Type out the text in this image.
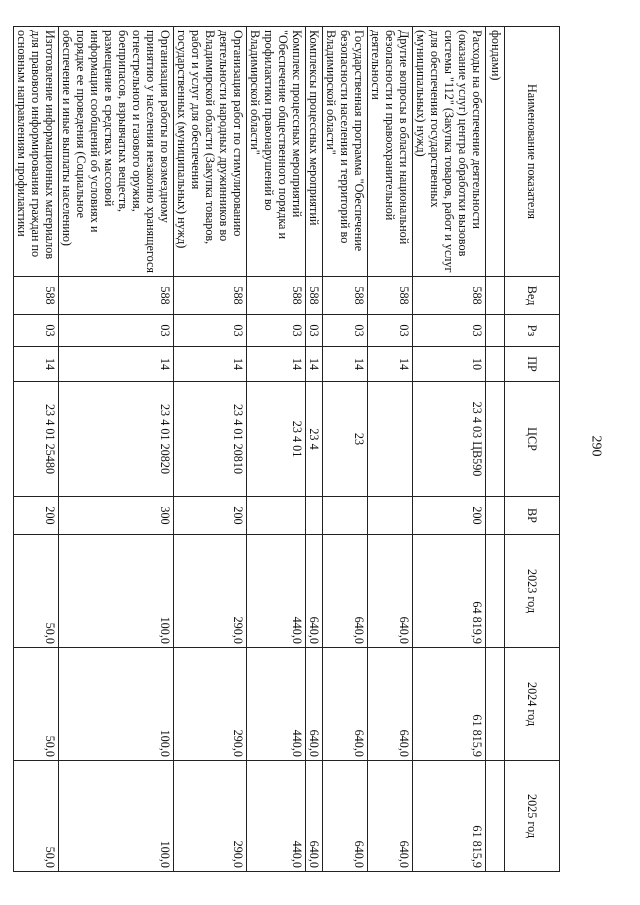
290
Наименование показателя	Вед	Рз	ПР	ЦСР	ВР	2023 год	2024 год	2025 год
фондами)								
Расходы на обеспечение деятельности (оказание услуг) центра обработки вызовов системы "112" (Закупка товаров, работ и услуг для обеспечения государственных (муниципальных) нужд)	588	03	10	23 4 03 ЦВ590	200	64 819,9	61 815,9	61 815,9
Другие вопросы в области национальной безопасности и правоохранительной деятельности	588	03	14			640,0	640,0	640,0
Государственная программа "Обеспечение безопасности населения и территорий во Владимирской области"	588	03	14	23		640,0	640,0	640,0
Комплексы процессных мероприятий	588	03	14	23 4		640,0	640,0	640,0
Комплекс процессных мероприятий "Обеспечение общественного порядка и профилактики правонарушений во Владимирской области"	588	03	14	23 4 01		440,0	440,0	440,0
Организация работ по стимулированию деятельности народных дружинников во Владимирской области (Закупка товаров, работ и услуг для обеспечения государственных (муниципальных) нужд)	588	03	14	23 4 01 20810	200	290,0	290,0	290,0
Организация работы по возмездному принятию у населения незаконно хранящегося огнестрельного и газового оружия, боеприпасов, взрывчатых веществ, размещение в средствах массовой информации сообщений об условиях и порядке ее проведения (Социальное обеспечение и иные выплаты населению)	588	03	14	23 4 01 20820	300	100,0	100,0	100,0
Изготовление информационных материалов для правового информирования граждан по основным направлениям профилактики	588	03	14	23 4 01 25480	200	50,0	50,0	50,0
